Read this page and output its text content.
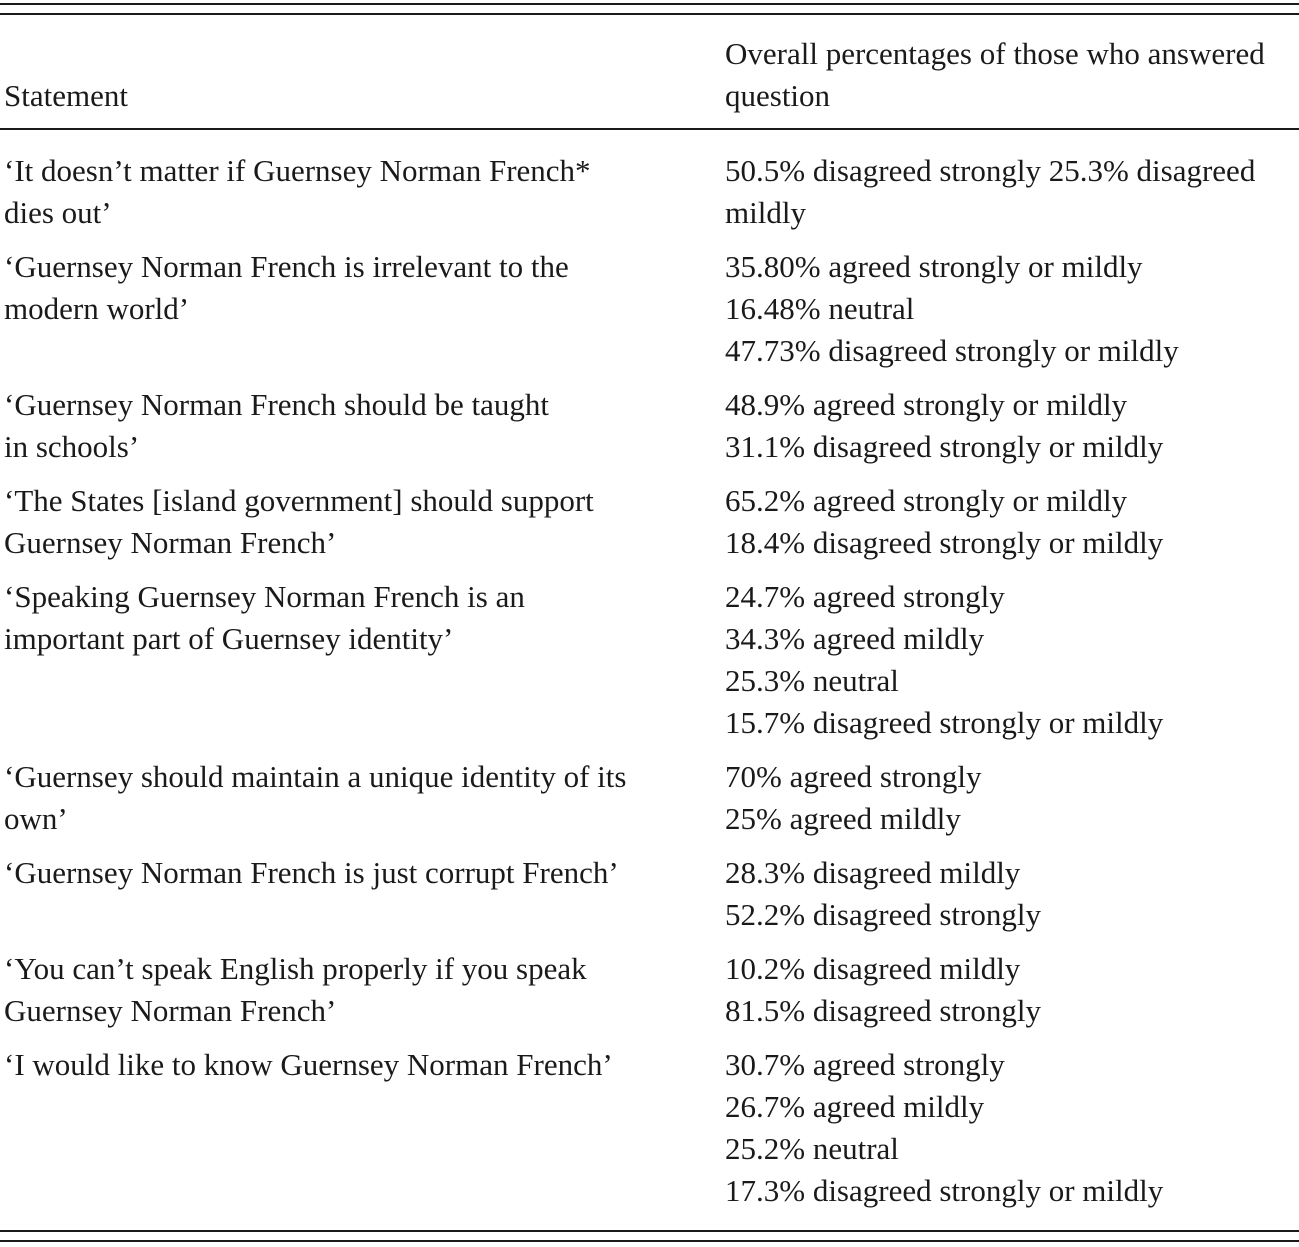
Statement
Overall percentages of those who answered
question
‘It doesn’t matter if Guernsey Norman French*
dies out’
50.5% disagreed strongly 25.3% disagreed
mildly
‘Guernsey Norman French is irrelevant to the
modern world’
35.80% agreed strongly or mildly
16.48% neutral
47.73% disagreed strongly or mildly
‘Guernsey Norman French should be taught
in schools’
48.9% agreed strongly or mildly
31.1% disagreed strongly or mildly
‘The States [island government] should support
Guernsey Norman French’
65.2% agreed strongly or mildly
18.4% disagreed strongly or mildly
‘Speaking Guernsey Norman French is an
important part of Guernsey identity’
24.7% agreed strongly
34.3% agreed mildly
25.3% neutral
15.7% disagreed strongly or mildly
‘Guernsey should maintain a unique identity of its
own’
70% agreed strongly
25% agreed mildly
‘Guernsey Norman French is just corrupt French’	28.3% disagreed mildly
52.2% disagreed strongly
‘You can’t speak English properly if you speak
Guernsey Norman French’
10.2% disagreed mildly
81.5% disagreed strongly
‘I would like to know Guernsey Norman French’	30.7% agreed strongly
26.7% agreed mildly
25.2% neutral
17.3% disagreed strongly or mildly
